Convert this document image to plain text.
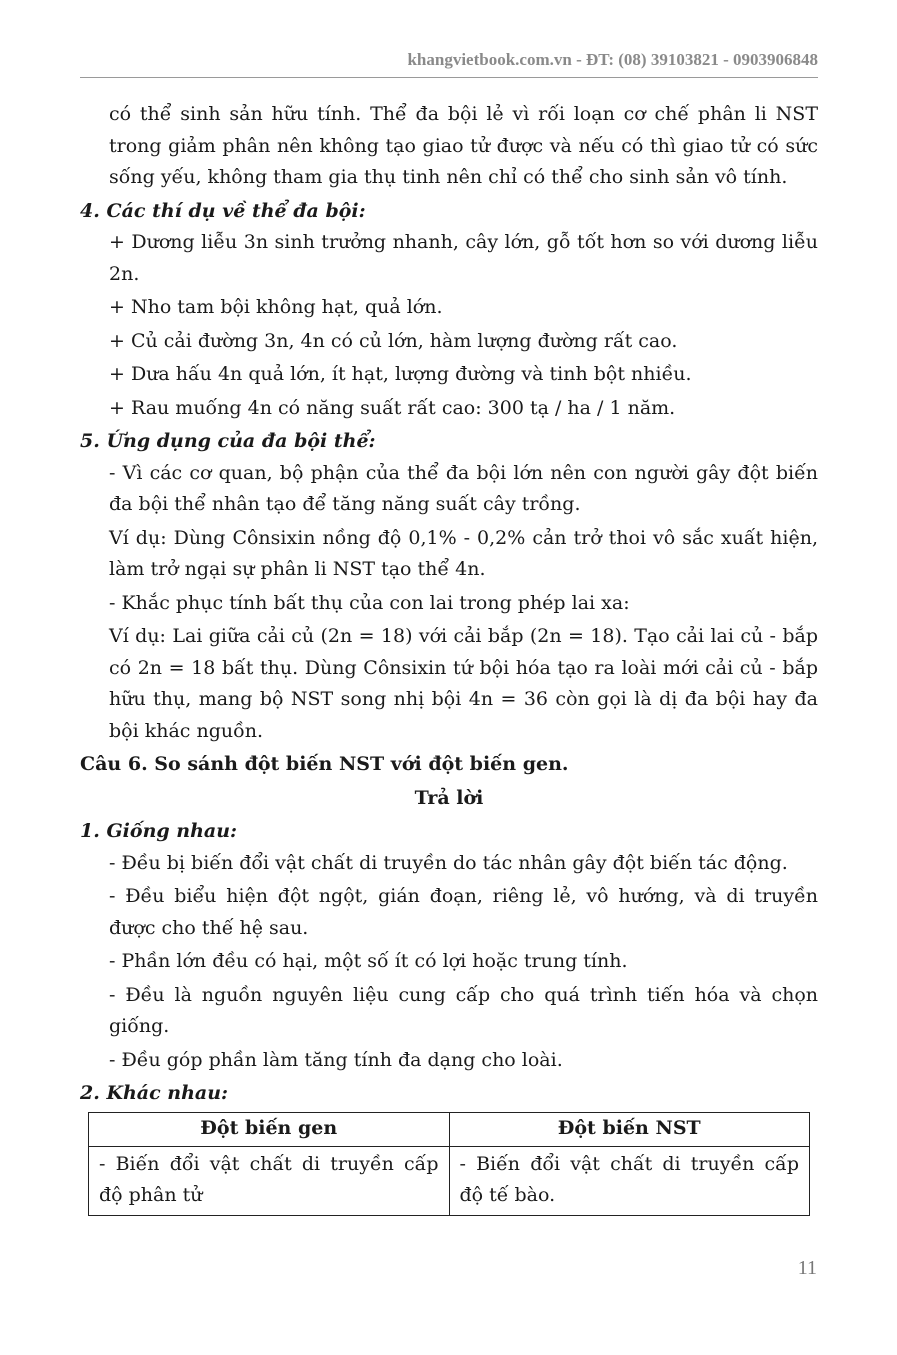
khangvietbook.com.vn - ĐT: (08) 39103821 - 0903906848

có thể sinh sản hữu tính. Thể đa bội lẻ vì rối loạn cơ chế phân li NST trong giảm phân nên không tạo giao tử được và nếu có thì giao tử có sức sống yếu, không tham gia thụ tinh nên chỉ có thể cho sinh sản vô tính.

4. Các thí dụ về thể đa bội:

+ Dương liễu 3n sinh trưởng nhanh, cây lớn, gỗ tốt hơn so với dương liễu 2n.

+ Nho tam bội không hạt, quả lớn.

+ Củ cải đường 3n, 4n có củ lớn, hàm lượng đường rất cao.

+ Dưa hấu 4n quả lớn, ít hạt, lượng đường và tinh bột nhiều.

+ Rau muống 4n có năng suất rất cao: 300 tạ / ha / 1 năm.

5. Ứng dụng của đa bội thể:

- Vì các cơ quan, bộ phận của thể đa bội lớn nên con người gây đột biến đa bội thể nhân tạo để tăng năng suất cây trồng.

Ví dụ: Dùng Cônsixin nồng độ 0,1% - 0,2% cản trở thoi vô sắc xuất hiện, làm trở ngại sự phân li NST tạo thể 4n.

- Khắc phục tính bất thụ của con lai trong phép lai xa:

Ví dụ: Lai giữa cải củ (2n = 18) với cải bắp (2n = 18). Tạo cải lai củ - bắp có 2n = 18 bất thụ. Dùng Cônsixin tứ bội hóa tạo ra loài mới cải củ - bắp hữu thụ, mang bộ NST song nhị bội 4n = 36 còn gọi là dị đa bội hay đa bội khác nguồn.

Câu 6. So sánh đột biến NST với đột biến gen.

Trả lời

1. Giống nhau:

- Đều bị biến đổi vật chất di truyền do tác nhân gây đột biến tác động.

- Đều biểu hiện đột ngột, gián đoạn, riêng lẻ, vô hướng, và di truyền được cho thế hệ sau.

- Phần lớn đều có hại, một số ít có lợi hoặc trung tính.

- Đều là nguồn nguyên liệu cung cấp cho quá trình tiến hóa và chọn giống.

- Đều góp phần làm tăng tính đa dạng cho loài.

2. Khác nhau:

Đột biến gen	Đột biến NST
- Biến đổi vật chất di truyền cấp độ phân tử	- Biến đổi vật chất di truyền cấp độ tế bào.
11
